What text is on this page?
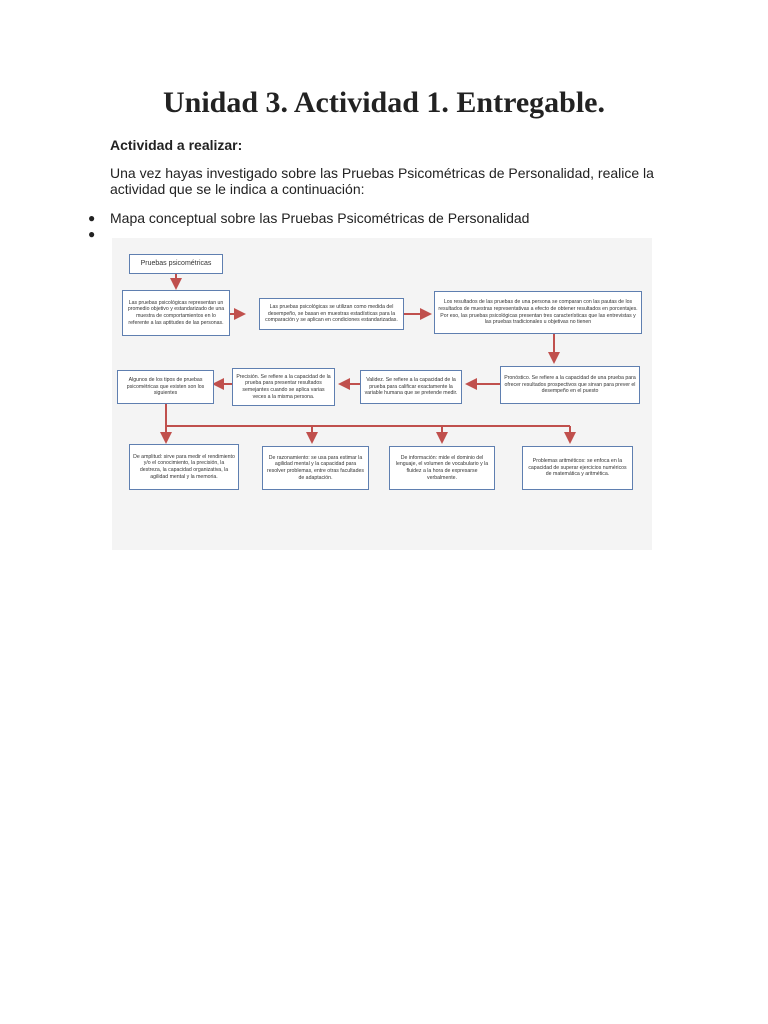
Unidad 3. Actividad 1. Entregable.
Actividad a realizar:
Una vez hayas investigado sobre las Pruebas Psicométricas de Personalidad, realice la actividad que se le indica a continuación:
● Mapa conceptual sobre las Pruebas Psicométricas de Personalidad
●
Pruebas psicométricas
Las pruebas psicológicas representan un promedio objetivo y estandarizado de una muestra de comportamientos en lo referente a las aptitudes de las personas.
Las pruebas psicológicas se utilizan como medida del desempeño, se basan en muestras estadísticas para la comparación y se aplican en condiciones estandarizadas.
Los resultados de las pruebas de una persona se comparan con las pautas de los resultados de muestras representativas a efecto de obtener resultados en porcentajes. Por eso, las pruebas psicológicas presentan tres características que las entrevistas y las pruebas tradicionales u objetivas no tienen
Pronóstico. Se refiere a la capacidad de una prueba para ofrecer resultados prospectivos que sirvan para prever el desempeño en el puesto
Validez. Se refiere a la capacidad de la prueba para calificar exactamente la variable humana que se pretende medir.
Precisión. Se refiere a la capacidad de la prueba para presentar resultados semejantes cuando se aplica varias veces a la misma persona.
Algunos de los tipos de pruebas psicométricas que existen son los siguientes
De amplitud: sirve para medir el rendimiento y/o el conocimiento, la precisión, la destreza, la capacidad organizativa, la agilidad mental y la memoria.
De razonamiento: se usa para estimar la agilidad mental y la capacidad para resolver problemas, entre otras facultades de adaptación.
De información: mide el dominio del lenguaje, el volumen de vocabulario y la fluidez a la hora de expresarse verbalmente.
Problemas aritméticos: se enfoca en la capacidad de superar ejercicios numéricos de matemática y aritmética.
